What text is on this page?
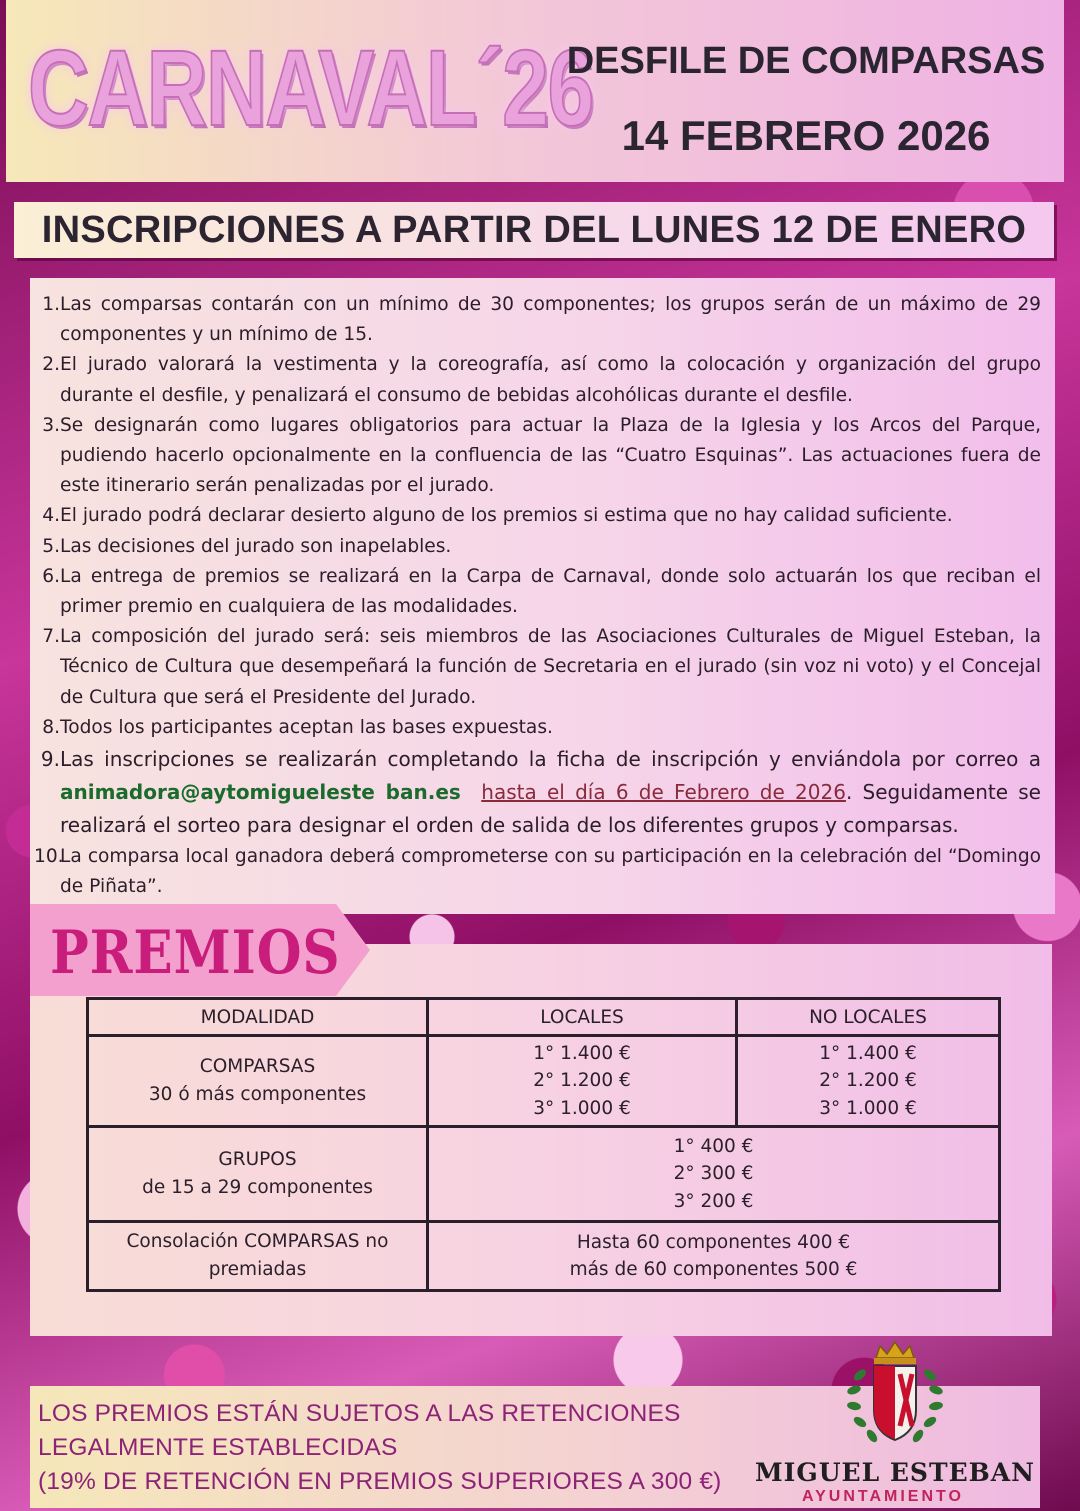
CARNAVAL´26
DESFILE DE COMPARSAS
14 FEBRERO 2026
INSCRIPCIONES A PARTIR DEL LUNES 12 DE ENERO
1. Las comparsas contarán con un mínimo de 30 componentes; los grupos serán de un máximo de 29 componentes y un mínimo de 15.
2. El jurado valorará la vestimenta y la coreografía, así como la colocación y organización del grupo durante el desfile, y penalizará el consumo de bebidas alcohólicas durante el desfile.
3. Se designarán como lugares obligatorios para actuar la Plaza de la Iglesia y los Arcos del Parque, pudiendo hacerlo opcionalmente en la confluencia de las “Cuatro Esquinas”. Las actuaciones fuera de este itinerario serán penalizadas por el jurado.
4. El jurado podrá declarar desierto alguno de los premios si estima que no hay calidad suficiente.
5. Las decisiones del jurado son inapelables.
6. La entrega de premios se realizará en la Carpa de Carnaval, donde solo actuarán los que reciban el primer premio en cualquiera de las modalidades.
7. La composición del jurado será: seis miembros de las Asociaciones Culturales de Miguel Esteban, la Técnico de Cultura que desempeñará la función de Secretaria en el jurado (sin voz ni voto) y el Concejal de Cultura que será el Presidente del Jurado.
8. Todos los participantes aceptan las bases expuestas.
9. Las inscripciones se realizarán completando la ficha de inscripción y enviándola por correo a animadora@aytomigueleste ban.es hasta el día 6 de Febrero de 2026. Seguidamente se realizará el sorteo para designar el orden de salida de los diferentes grupos y comparsas.
10.
La comparsa local ganadora deberá comprometerse con su participación en la celebración del “Domingo de Piñata”.
PREMIOS
MODALIDAD	LOCALES	NO LOCALES

COMPARSAS
30 ó más componentes	1° 1.400 €
2° 1.200 €
3° 1.000 €	1° 1.400 €
2° 1.200 €
3° 1.000 €

GRUPOS
de 15 a 29 componentes	1° 400 €
2° 300 €
3° 200 €	

Consolación COMPARSAS no
premiadas	Hasta 60 componentes 400 €
más de 60 componentes 500 €	
LOS PREMIOS ESTÁN SUJETOS A LAS RETENCIONES
LEGALMENTE ESTABLECIDAS
(19% DE RETENCIÓN EN PREMIOS SUPERIORES A 300 €) MIGUEL ESTEBAN
AYUNTAMIENTO
